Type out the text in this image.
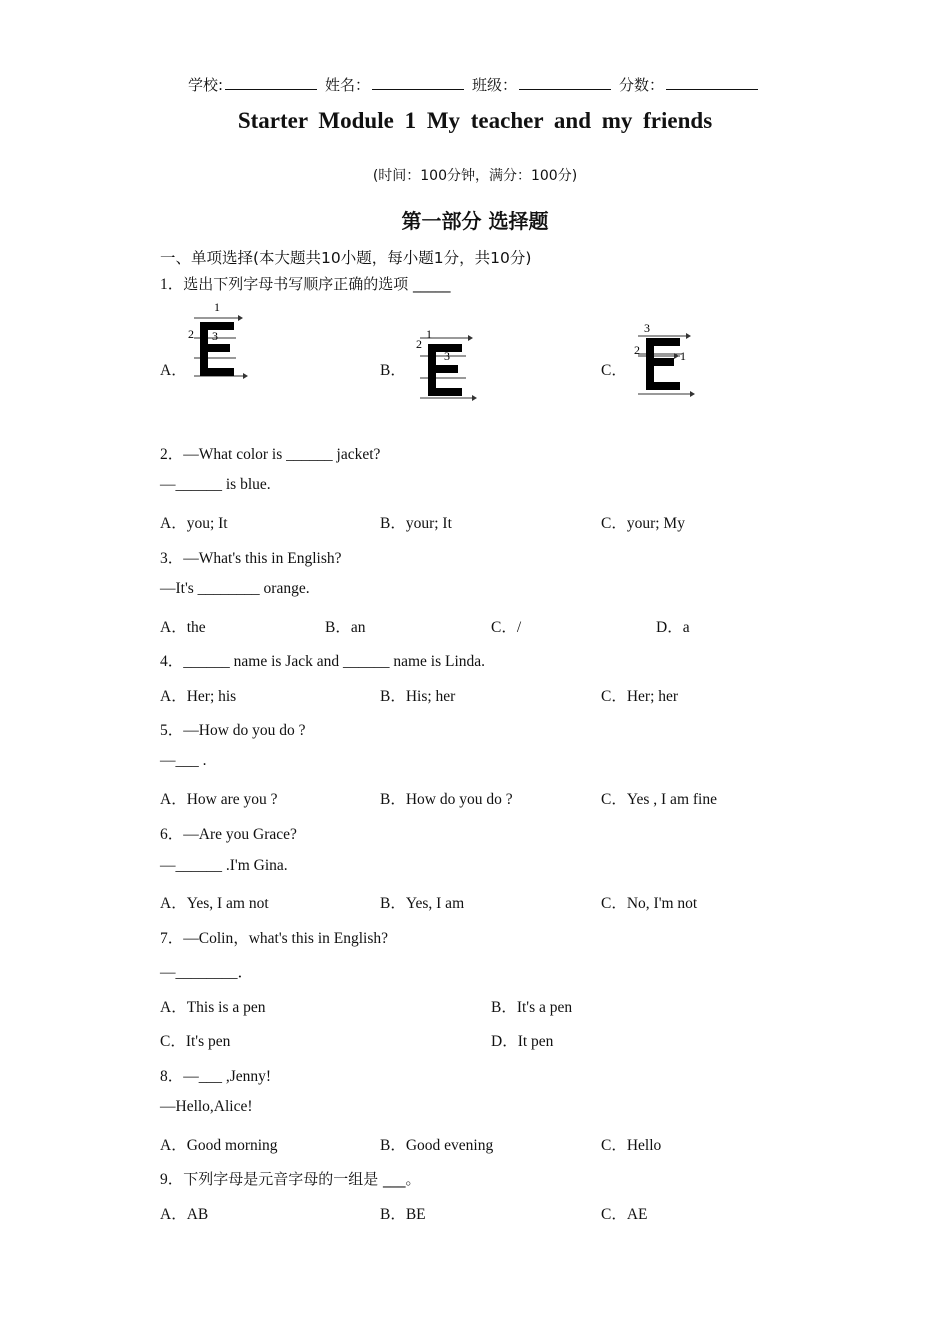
学校:	姓名：	班级：	分数：
Starter Module 1 My teacher and my friends
(时间：100分钟，满分：100分)
第一部分 选择题
一、单项选择(本大题共10小题，每小题1分，共10分)
1．选出下列字母书写顺序正确的选项 _____
A．
1
2 3
B．
1
2
3
C．
3
2	1
2．—What color is ______ jacket?
—______ is blue.
A．you; It	B．your; It	C．your; My
3．—What's this in English?
—It's ________ orange.
A．the	B．an	C．/	D．a
4．______ name is Jack and ______ name is Linda.
A．Her; his	B．His; her	C．Her; her
5．—How do you do ?
—___ .
A．How are you ?	B．How do you do ?	C．Yes , I am fine
6．—Are you Grace?
—______ .I'm Gina.
A．Yes, I am not	B．Yes, I am	C．No, I'm not
7．—Colin，what's this in English?
—________．
A．This is a pen	B．It's a pen
C．It's pen	D．It pen
8．—___ ,Jenny!
—Hello,Alice!
A．Good morning	B．Good evening	C．Hello
9．下列字母是元音字母的一组是 ___。
A．AB	B．BE	C．AE
